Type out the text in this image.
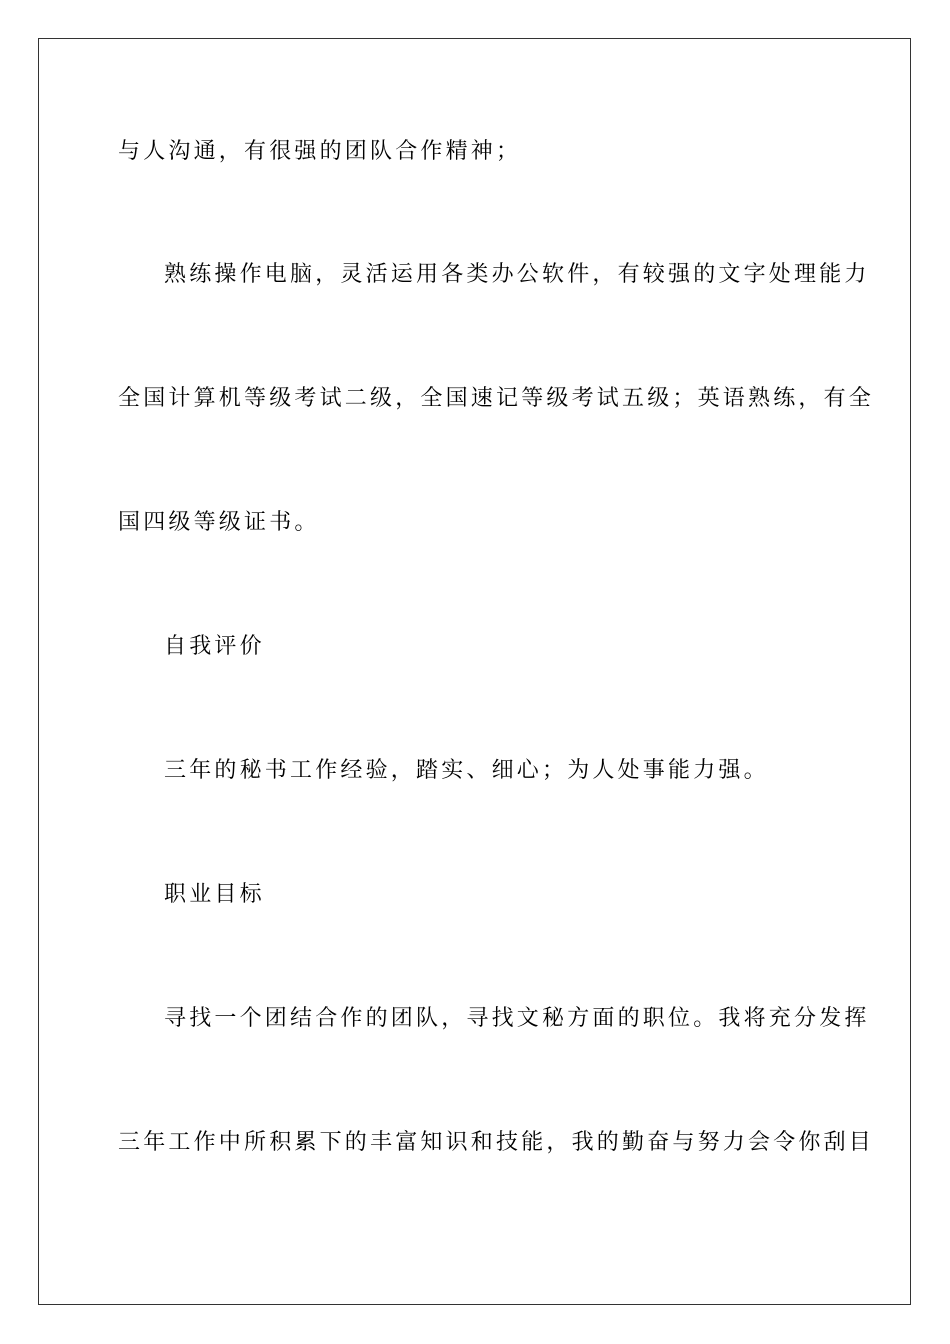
与人沟通，有很强的团队合作精神；
熟练操作电脑，灵活运用各类办公软件，有较强的文字处理能力
全国计算机等级考试二级，全国速记等级考试五级；英语熟练，有全
国四级等级证书。
自我评价
三年的秘书工作经验，踏实、细心；为人处事能力强。
职业目标
寻找一个团结合作的团队，寻找文秘方面的职位。我将充分发挥
三年工作中所积累下的丰富知识和技能，我的勤奋与努力会令你刮目
